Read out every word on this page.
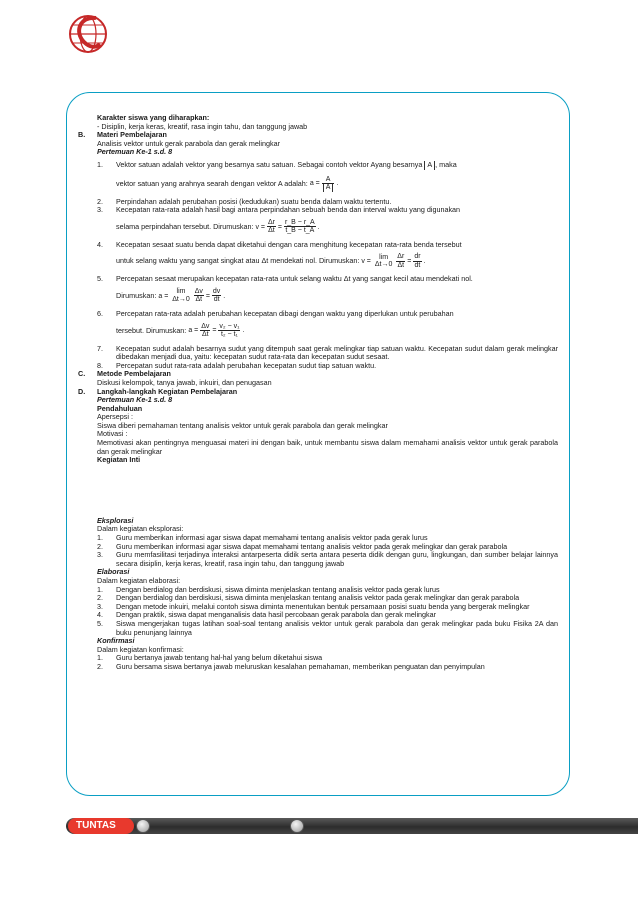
Karakter siswa yang diharapkan:
- Disiplin, kerja keras, kreatif, rasa ingin tahu, dan tanggung jawab
B. Materi Pembelajaran
Analisis vektor untuk gerak parabola dan gerak melingkar
Pertemuan Ke-1 s.d. 8
1. Vektor satuan adalah vektor yang besarnya satu satuan. Sebagai contoh vektor Ayang besarnya A , maka
vektor satuan yang arahnya searah dengan vektor A adalah: $a = \frac{A}{A}$ .
2. Perpindahan adalah perubahan posisi (kedudukan) suatu benda dalam waktu tertentu.
3. Kecepatan rata-rata adalah hasil bagi antara perpindahan sebuah benda dan interval waktu yang digunakan
selama perpindahan tersebut. Dirumuskan: $v = \frac{\Delta r}{\Delta t} = \frac{r\_B - r\_A}{t\_B - t\_A}$ .
4. Kecepatan sesaat suatu benda dapat diketahui dengan cara menghitung kecepatan rata-rata benda tersebut
untuk selang waktu yang sangat singkat atau Δt mendekati nol. Dirumuskan: v =
lim
Δt→0
$\frac{\Delta r}{\Delta t} = \frac{dr}{dt}$ .
5. Percepatan sesaat merupakan kecepatan rata-rata untuk selang waktu Δt yang sangat kecil atau mendekati nol.
Dirumuskan: a =
lim
Δt→0
$\frac{\Delta v}{\Delta t} = \frac{dv}{dt}$ .
6. Percepatan rata-rata adalah perubahan kecepatan dibagi dengan waktu yang diperlukan untuk perubahan
tersebut. Dirumuskan: $a = \frac{\Delta v}{\Delta t} = \frac{\text{v₂ − v₁}}{\text{t₂ − t₁}}$ .
7. Kecepatan sudut adalah besarnya sudut yang ditempuh saat gerak melingkar tiap satuan waktu. Kecepatan sudut dalam gerak melingkar dibedakan menjadi dua, yaitu: kecepatan sudut rata-rata dan kecepatan sudut sesaat.
8. Percepatan sudut rata-rata adalah perubahan kecepatan sudut tiap satuan waktu.
C. Metode Pembelajaran
Diskusi kelompok, tanya jawab, inkuiri, dan penugasan
D. Langkah-langkah Kegiatan Pembelajaran
Pertemuan Ke-1 s.d. 8
Pendahuluan
Apersepsi :
Siswa diberi pemahaman tentang analisis vektor untuk gerak parabola dan gerak melingkar
Motivasi :
Memotivasi akan pentingnya menguasai materi ini dengan baik, untuk membantu siswa dalam memahami analisis vektor untuk gerak parabola dan gerak melingkar
Kegiatan Inti
Eksplorasi
Dalam kegiatan eksplorasi:
1. Guru memberikan informasi agar siswa dapat memahami tentang analisis vektor pada gerak lurus
2. Guru memberikan informasi agar siswa dapat memahami tentang analisis vektor pada gerak melingkar dan gerak parabola
3. Guru memfasilitasi terjadinya interaksi antarpeserta didik serta antara peserta didik dengan guru, lingkungan, dan sumber belajar lainnya secara disiplin, kerja keras, kreatif, rasa ingin tahu, dan tanggung jawab
Elaborasi
Dalam kegiatan elaborasi:
1. Dengan berdialog dan berdiskusi, siswa diminta menjelaskan tentang analisis vektor pada gerak lurus
2. Dengan berdialog dan berdiskusi, siswa diminta menjelaskan tentang analisis vektor pada gerak melingkar dan gerak parabola
3. Dengan metode inkuiri, melalui contoh siswa diminta menentukan bentuk persamaan posisi suatu benda yang bergerak melingkar
4. Dengan praktik, siswa dapat menganalisis data hasil percobaan gerak parabola dan gerak melingkar
5. Siswa mengerjakan tugas latihan soal-soal tentang analisis vektor untuk gerak parabola dan gerak melingkar pada buku Fisika 2A dan buku penunjang lainnya
Konfirmasi
Dalam kegiatan konfirmasi:
1. Guru bertanya jawab tentang hal-hal yang belum diketahui siswa
2. Guru bersama siswa bertanya jawab meluruskan kesalahan pemahaman, memberikan penguatan dan penyimpulan
TUNTAS
